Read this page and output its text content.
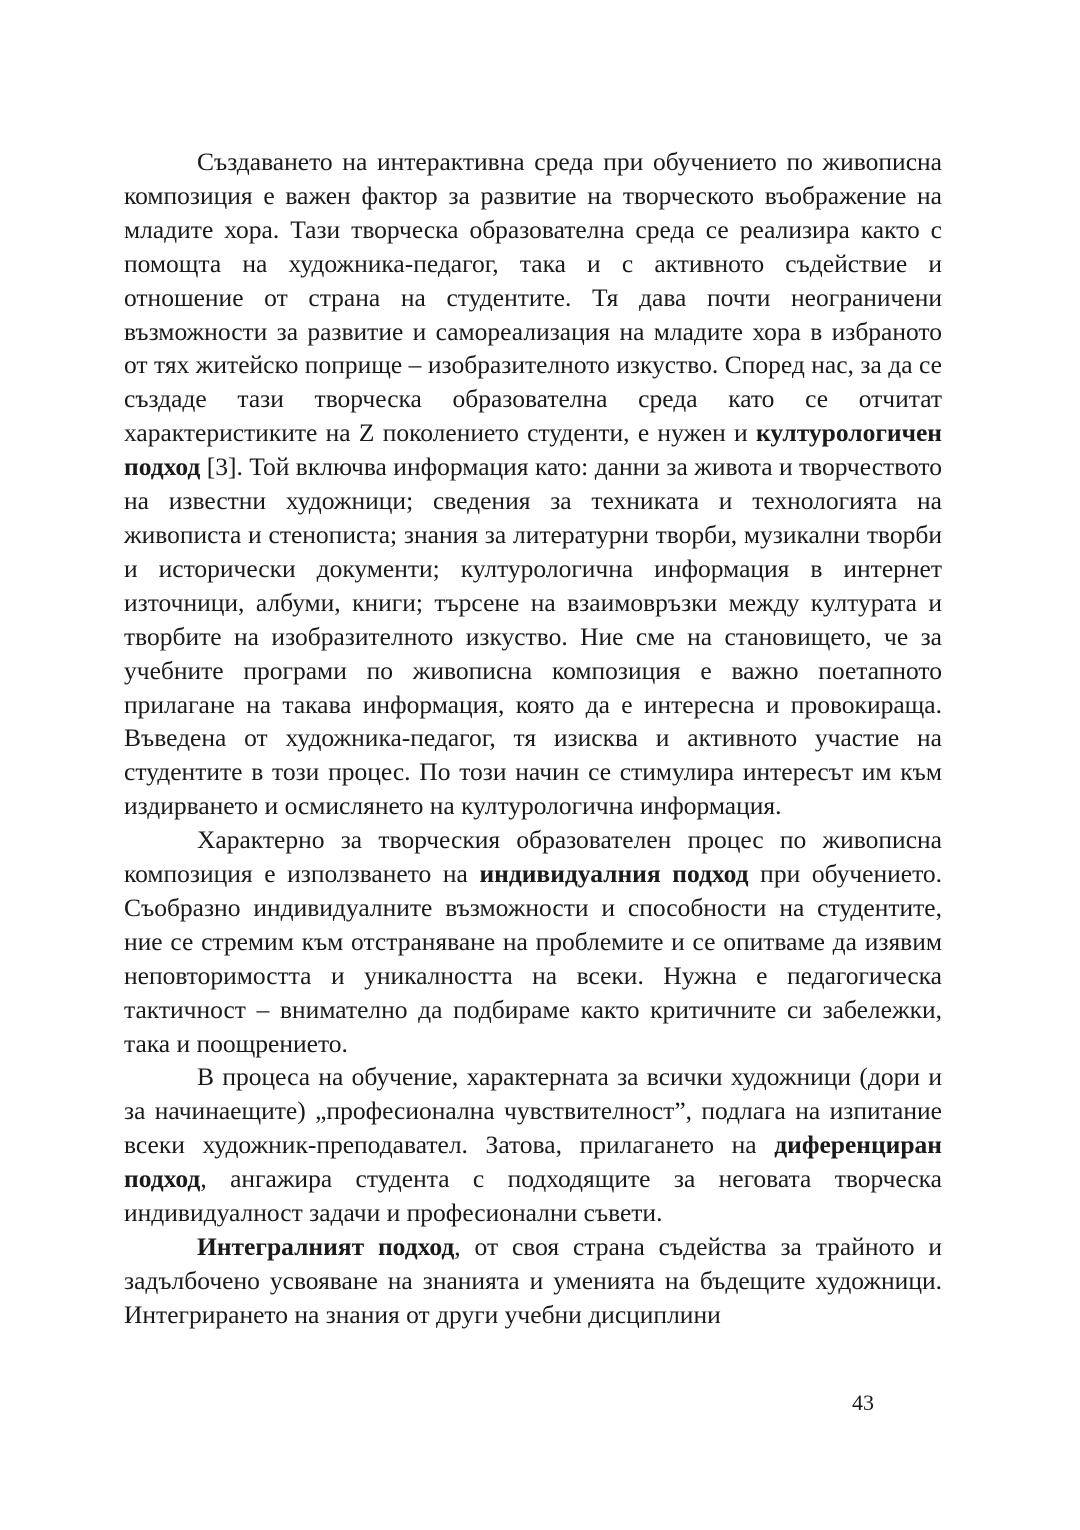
Създаването на интерактивна среда при обучението по живописна композиция е важен фактор за развитие на творческото въображение на младите хора. Тази творческа образователна среда се реализира както с помощта на художника-педагог, така и с активното съдействие и отношение от страна на студентите. Тя дава почти неограничени възможности за развитие и самореализация на младите хора в избраното от тях житейско поприще – изобразителното изкуство. Според нас, за да се създаде тази творческа образователна среда като се отчитат характеристиките на Z поколението студенти, е нужен и културологичен подход [3]. Той включва информация като: данни за живота и творчеството на известни художници; сведения за техниката и технологията на живописта и стенописта; знания за литературни творби, музикални творби и исторически документи; културологична информация в интернет източници, албуми, книги; търсене на взаимовръзки между културата и творбите на изобразителното изкуство. Ние сме на становището, че за учебните програми по живописна композиция е важно поетапното прилагане на такава информация, която да е интересна и провокираща. Въведена от художника-педагог, тя изисква и активното участие на студентите в този процес. По този начин се стимулира интересът им към издирването и осмислянето на културологична информация.

Характерно за творческия образователен процес по живописна композиция е използването на индивидуалния подход при обучението. Съобразно индивидуалните възможности и способности на студентите, ние се стремим към отстраняване на проблемите и се опитваме да изявим неповторимостта и уникалността на всеки. Нужна е педагогическа тактичност – внимателно да подбираме както критичните си забележки, така и поощрението.

В процеса на обучение, характерната за всички художници (дори и за начинаещите) „професионална чувствителност”, подлага на изпитание всеки художник-преподавател. Затова, прилагането на диференциран подход, ангажира студента с подходящите за неговата творческа индивидуалност задачи и професионални съвети.

Интегралният подход, от своя страна съдейства за трайното и задълбочено усвояване на знанията и уменията на бъдещите художници. Интегрирането на знания от други учебни дисциплини

43
